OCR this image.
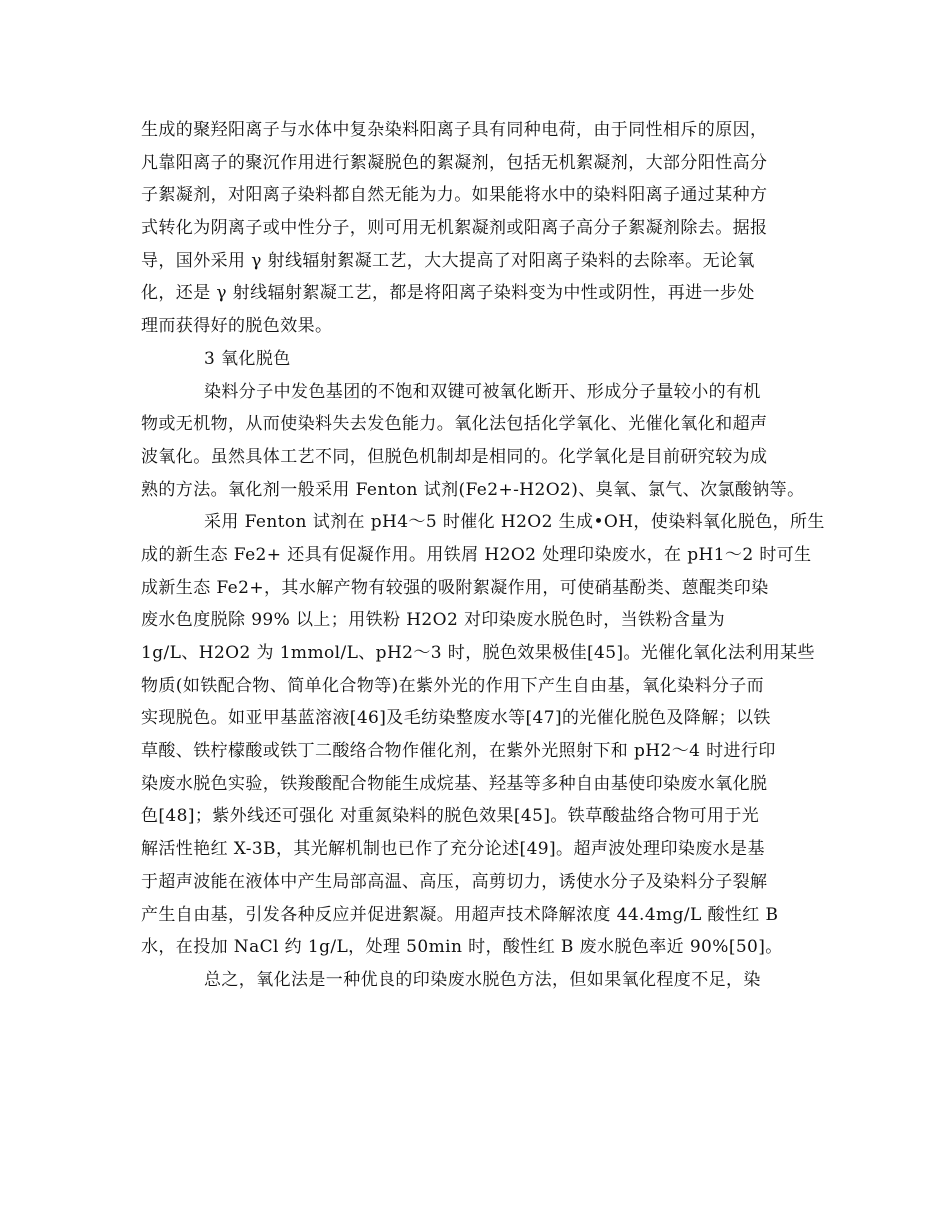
生成的聚羟阳离子与水体中复杂染料阳离子具有同种电荷，由于同性相斥的原因，
凡靠阳离子的聚沉作用进行絮凝脱色的絮凝剂，包括无机絮凝剂，大部分阳性高分
子絮凝剂，对阳离子染料都自然无能为力。如果能将水中的染料阳离子通过某种方
式转化为阴离子或中性分子，则可用无机絮凝剂或阳离子高分子絮凝剂除去。据报
导，国外采用 γ 射线辐射絮凝工艺，大大提高了对阳离子染料的去除率。无论氧
化，还是 γ 射线辐射絮凝工艺，都是将阳离子染料变为中性或阴性，再进一步处
理而获得好的脱色效果。
3 氧化脱色
染料分子中发色基团的不饱和双键可被氧化断开、形成分子量较小的有机
物或无机物，从而使染料失去发色能力。氧化法包括化学氧化、光催化氧化和超声
波氧化。虽然具体工艺不同，但脱色机制却是相同的。化学氧化是目前研究较为成
熟的方法。氧化剂一般采用 Fenton 试剂(Fe2+-H2O2)、臭氧、氯气、次氯酸钠等。
采用 Fenton 试剂在 pH4～5 时催化 H2O2 生成•OH，使染料氧化脱色，所生
成的新生态 Fe2+ 还具有促凝作用。用铁屑 H2O2 处理印染废水，在 pH1～2 时可生
成新生态 Fe2+，其水解产物有较强的吸附絮凝作用，可使硝基酚类、蒽醌类印染
废水色度脱除 99% 以上；用铁粉 H2O2 对印染废水脱色时，当铁粉含量为
1g/L、H2O2 为 1mmol/L、pH2～3 时，脱色效果极佳[45]。光催化氧化法利用某些
物质(如铁配合物、简单化合物等)在紫外光的作用下产生自由基，氧化染料分子而
实现脱色。如亚甲基蓝溶液[46]及毛纺染整废水等[47]的光催化脱色及降解；以铁
草酸、铁柠檬酸或铁丁二酸络合物作催化剂，在紫外光照射下和 pH2～4 时进行印
染废水脱色实验，铁羧酸配合物能生成烷基、羟基等多种自由基使印染废水氧化脱
色[48]；紫外线还可强化 对重氮染料的脱色效果[45]。铁草酸盐络合物可用于光
解活性艳红 X-3B，其光解机制也已作了充分论述[49]。超声波处理印染废水是基
于超声波能在液体中产生局部高温、高压，高剪切力，诱使水分子及染料分子裂解
产生自由基，引发各种反应并促进絮凝。用超声技术降解浓度 44.4mg/L 酸性红 B
水，在投加 NaCl 约 1g/L，处理 50min 时，酸性红 B 废水脱色率近 90%[50]。
总之，氧化法是一种优良的印染废水脱色方法，但如果氧化程度不足，染
